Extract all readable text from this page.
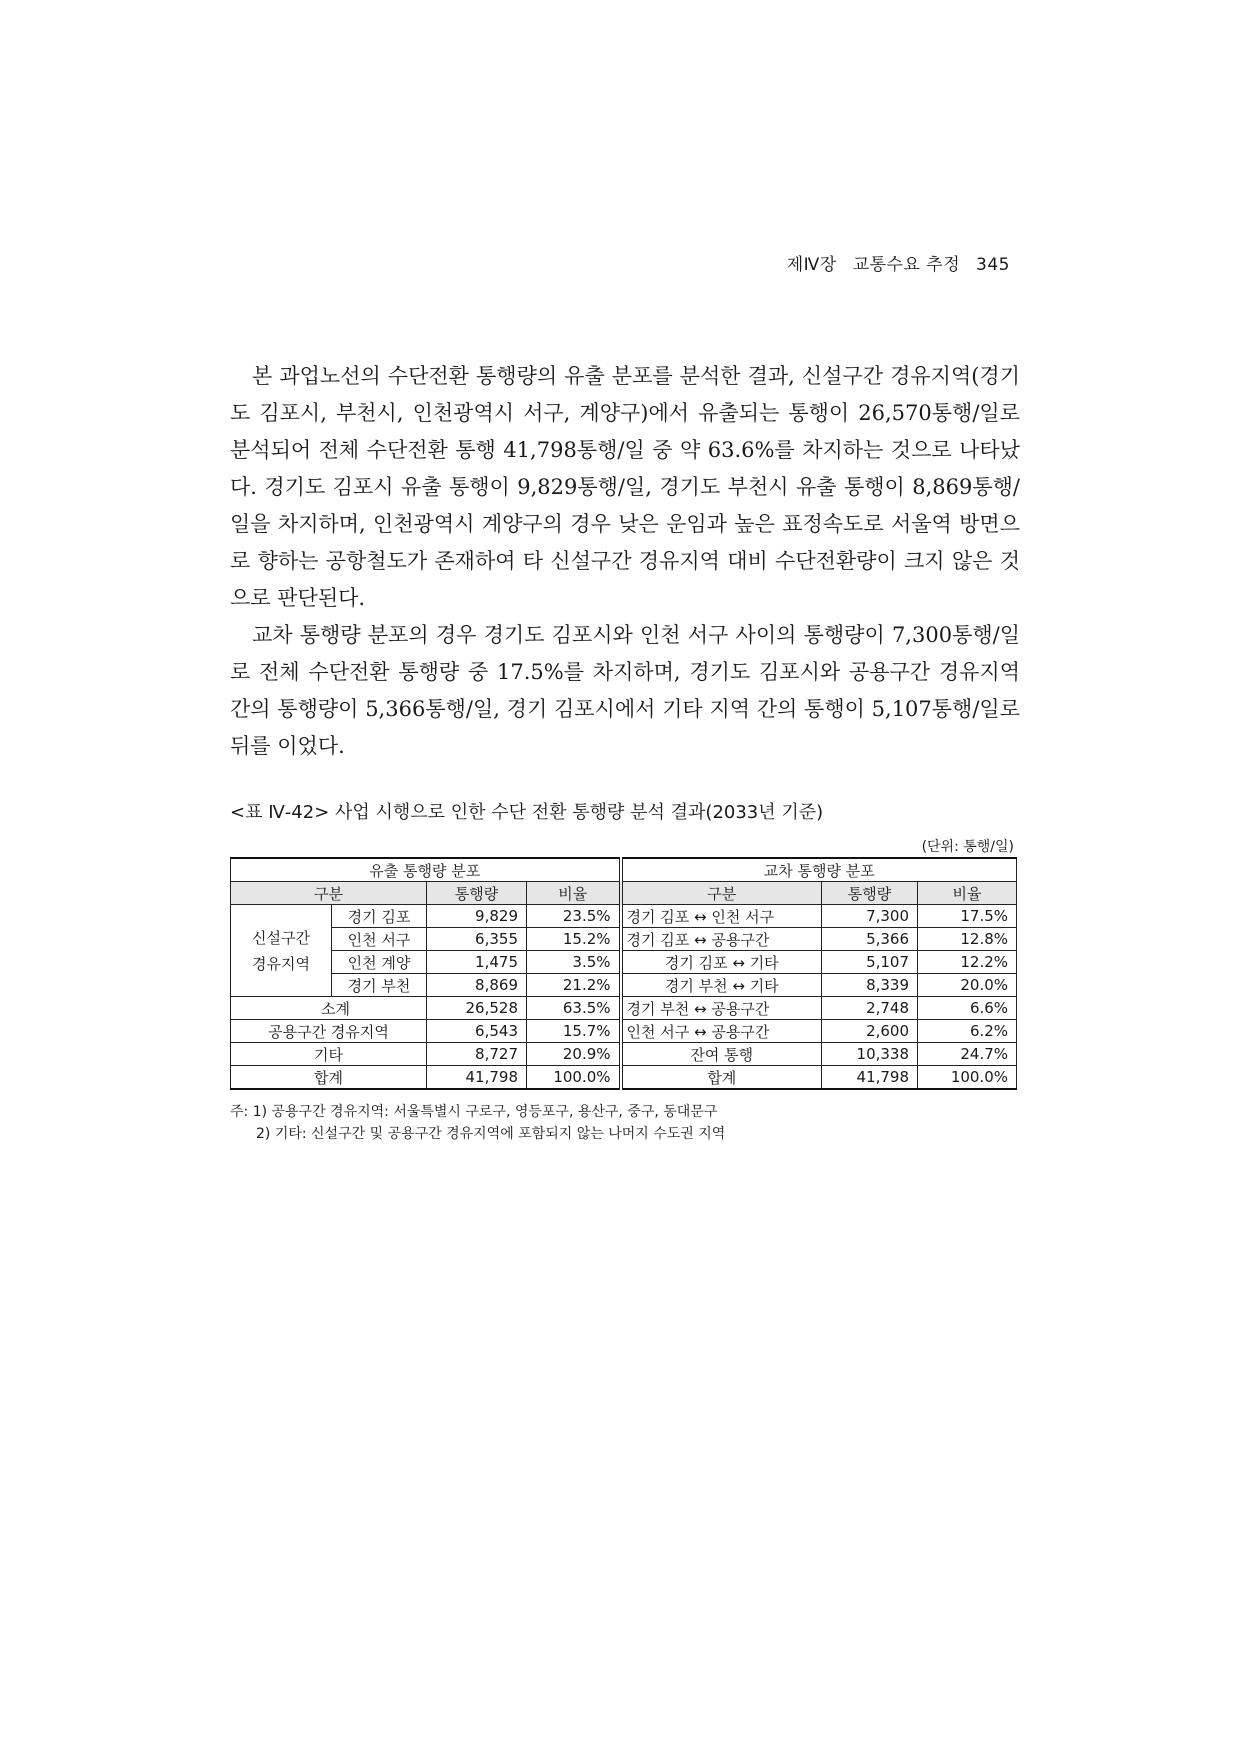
제Ⅳ장 교통수요 추정 345

본 과업노선의 수단전환 통행량의 유출 분포를 분석한 결과, 신설구간 경유지역(경기도 김포시, 부천시, 인천광역시 서구, 계양구)에서 유출되는 통행이 26,570통행/일로 분석되어 전체 수단전환 통행 41,798통행/일 중 약 63.6%를 차지하는 것으로 나타났다. 경기도 김포시 유출 통행이 9,829통행/일, 경기도 부천시 유출 통행이 8,869통행/일을 차지하며, 인천광역시 계양구의 경우 낮은 운임과 높은 표정속도로 서울역 방면으로 향하는 공항철도가 존재하여 타 신설구간 경유지역 대비 수단전환량이 크지 않은 것으로 판단된다.

교차 통행량 분포의 경우 경기도 김포시와 인천 서구 사이의 통행량이 7,300통행/일로 전체 수단전환 통행량 중 17.5%를 차지하며, 경기도 김포시와 공용구간 경유지역 간의 통행량이 5,366통행/일, 경기 김포시에서 기타 지역 간의 통행이 5,107통행/일로 뒤를 이었다.

<표 Ⅳ-42> 사업 시행으로 인한 수단 전환 통행량 분석 결과(2033년 기준)
(단위: 통행/일)
유출 통행량 분포				교차 통행량 분포		
구분		통행량	비율	구분	통행량	비율

신설구간
경유지역	경기 김포	9,829	23.5%	경기 김포 ↔ 인천 서구	7,300	17.5%
	인천 서구	6,355	15.2%	경기 김포 ↔ 공용구간	5,366	12.8%
	인천 계양	1,475	3.5%	경기 김포 ↔ 기타	5,107	12.2%
	경기 부천	8,869	21.2%	경기 부천 ↔ 기타	8,339	20.0%
소계		26,528	63.5%	경기 부천 ↔ 공용구간	2,748	6.6%
공용구간 경유지역		6,543	15.7%	인천 서구 ↔ 공용구간	2,600	6.2%
기타		8,727	20.9%	잔여 통행	10,338	24.7%
합계		41,798	100.0%	합계	41,798	100.0%
주: 1) 공용구간 경유지역: 서울특별시 구로구, 영등포구, 용산구, 중구, 동대문구
2) 기타: 신설구간 및 공용구간 경유지역에 포함되지 않는 나머지 수도권 지역
